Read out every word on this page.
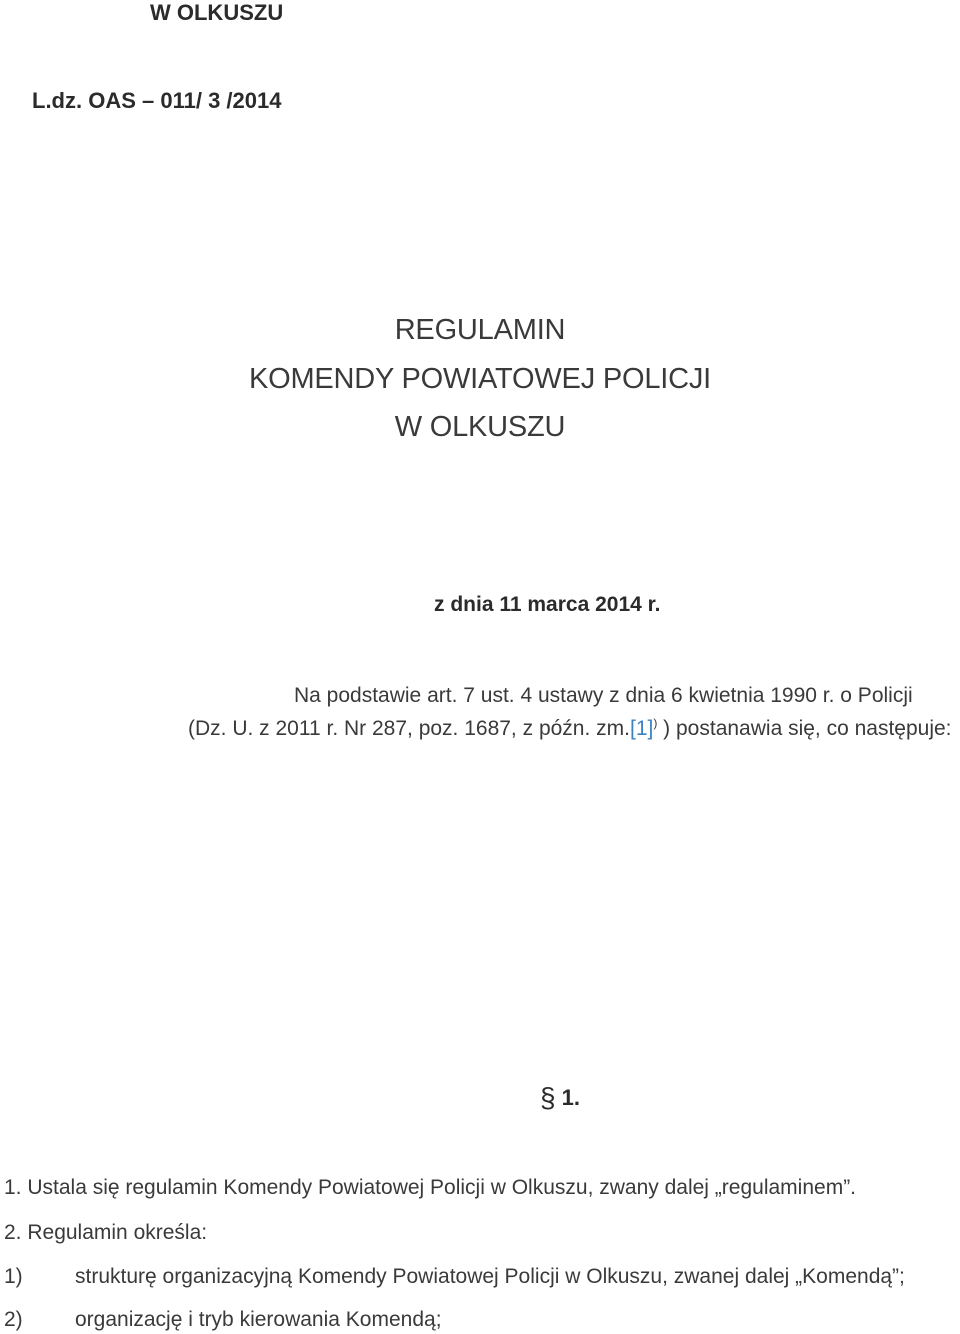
W OLKUSZU
L.dz. OAS – 011/ 3 /2014
REGULAMIN
KOMENDY POWIATOWEJ POLICJI
W OLKUSZU
z dnia 11 marca 2014 r.
Na podstawie art. 7 ust. 4 ustawy z dnia 6 kwietnia 1990 r. o Policji
(Dz. U. z 2011 r. Nr 287, poz. 1687, z późn. zm.[1]) ) postanawia się, co następuje:
§ 1.
1. Ustala się regulamin Komendy Powiatowej Policji w Olkuszu, zwany dalej „regulaminem”.
2. Regulamin określa:
1) strukturę organizacyjną Komendy Powiatowej Policji w Olkuszu, zwanej dalej „Komendą”;
2) organizację i tryb kierowania Komendą;
